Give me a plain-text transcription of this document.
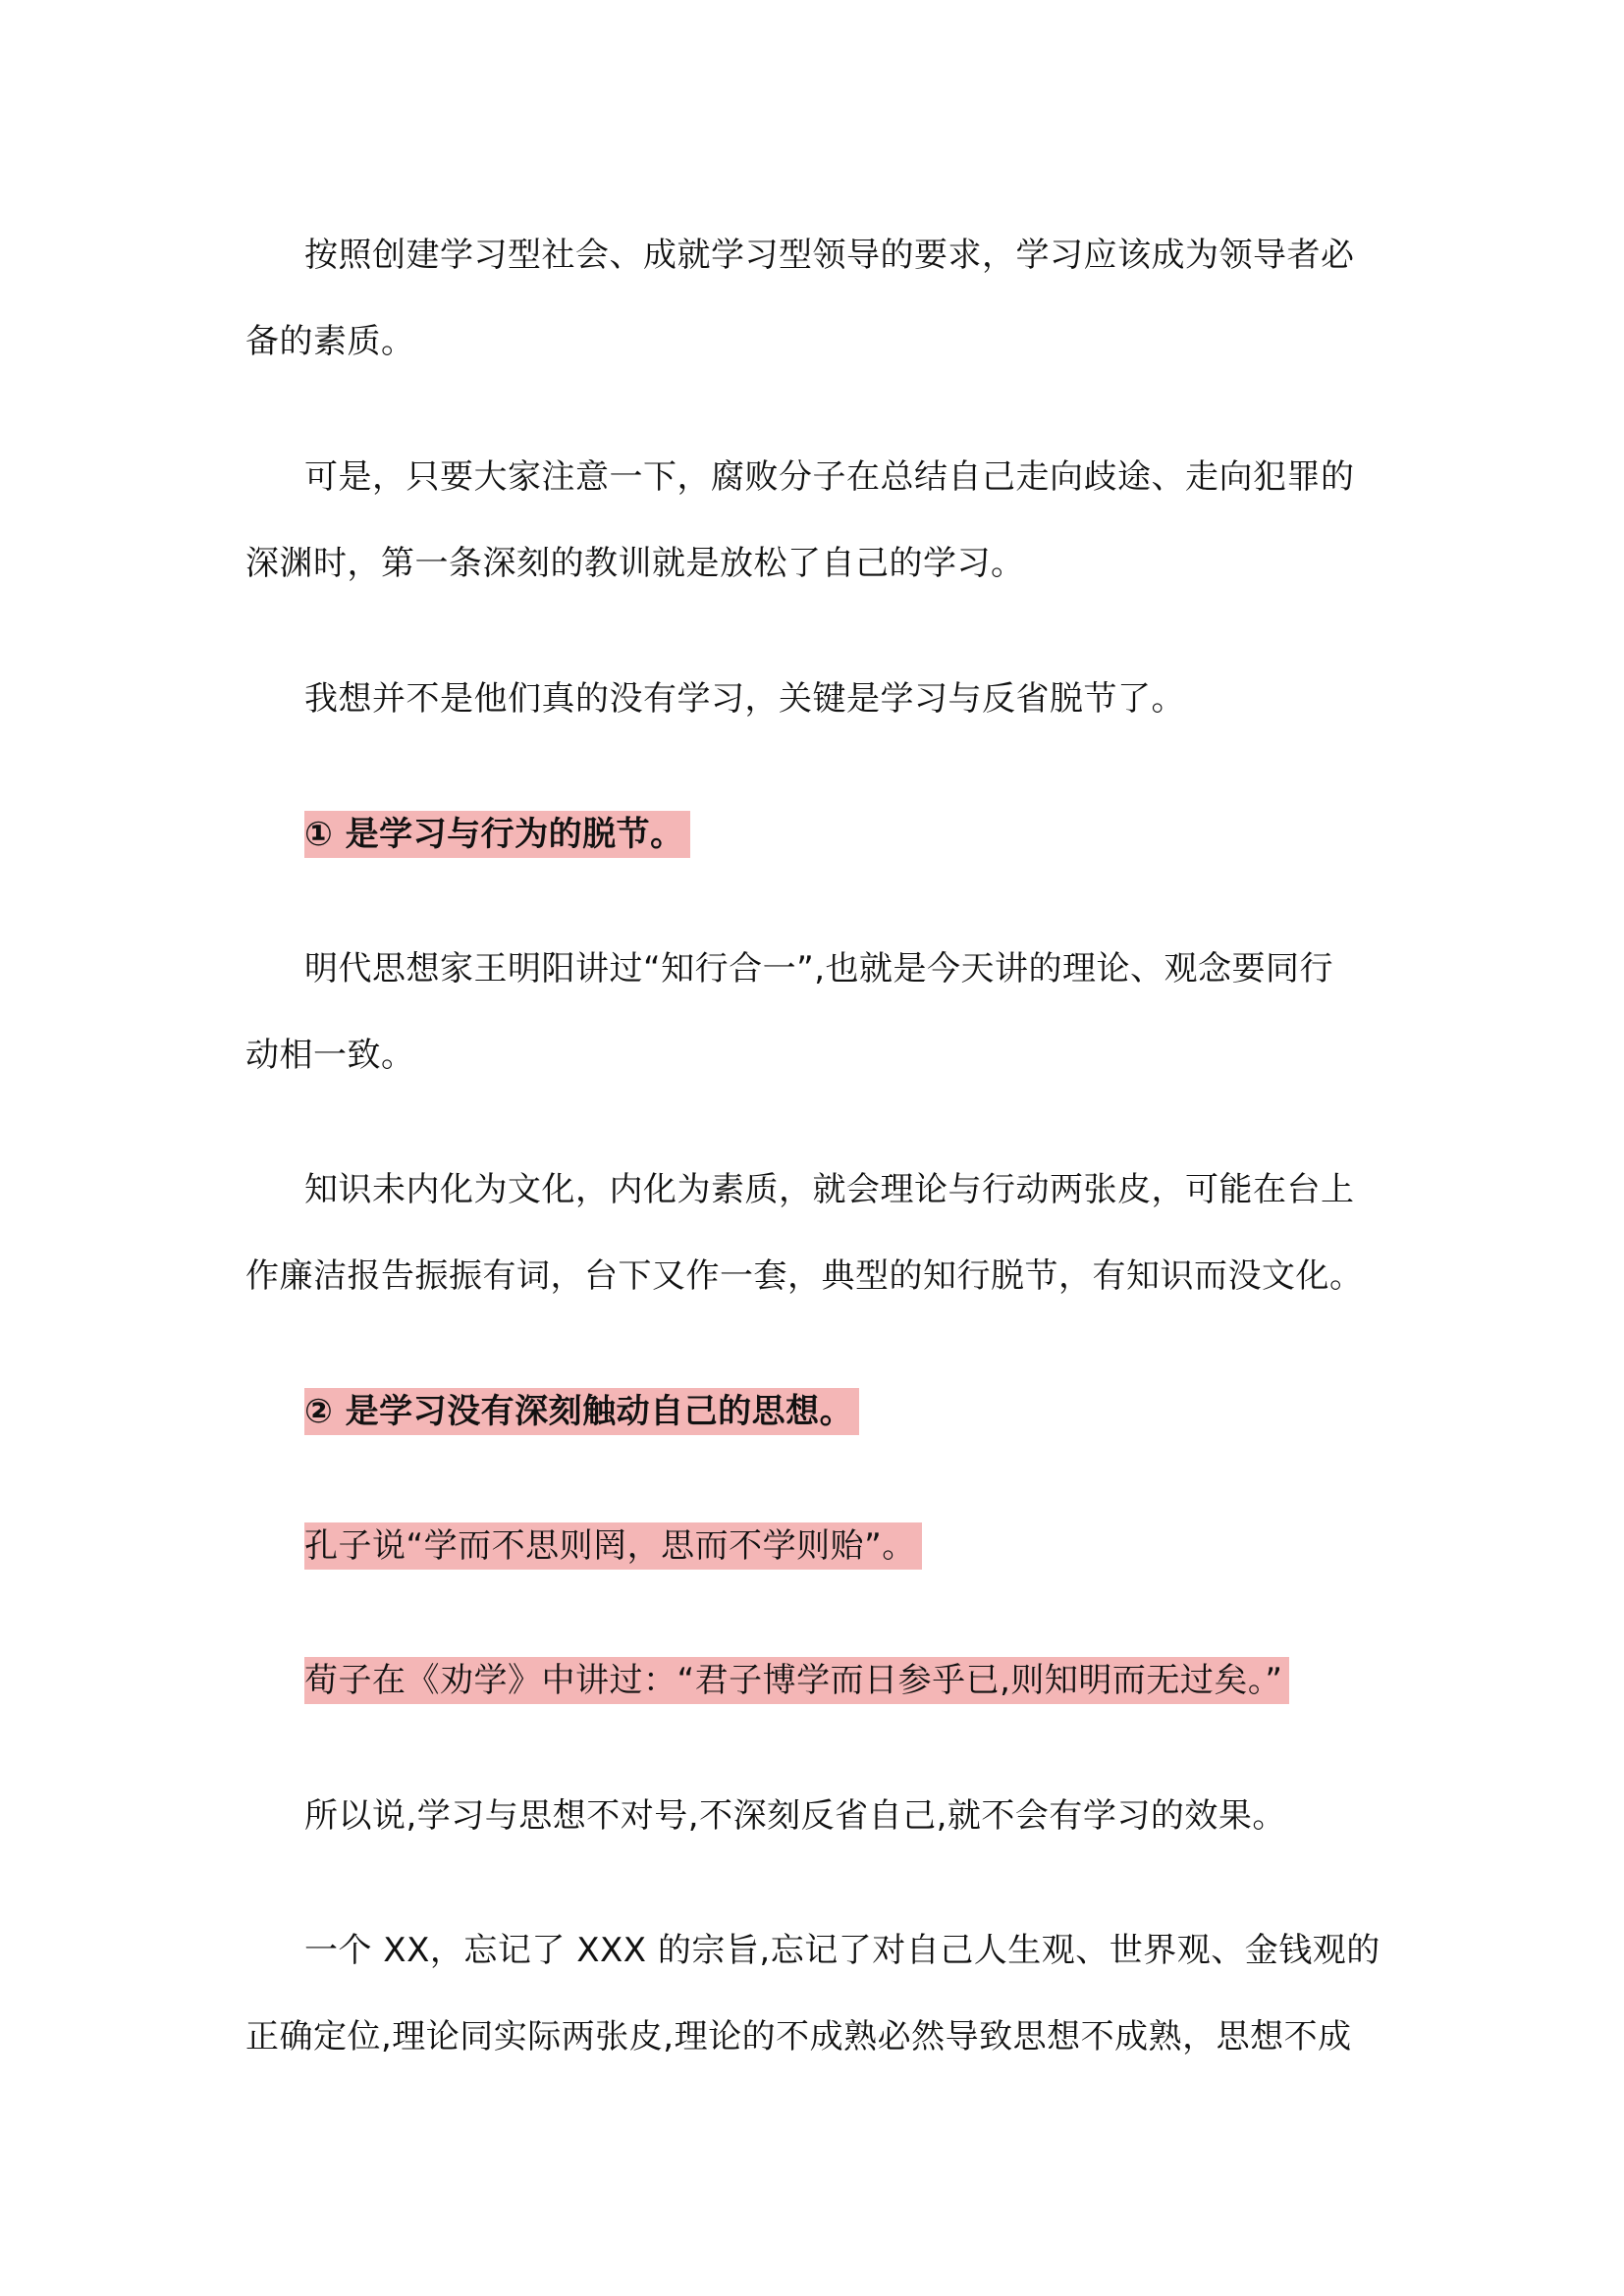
按照创建学习型社会、成就学习型领导的要求，学习应该成为领导者必
备的素质。

可是，只要大家注意一下，腐败分子在总结自己走向歧途、走向犯罪的
深渊时，第一条深刻的教训就是放松了自己的学习。

我想并不是他们真的没有学习，关键是学习与反省脱节了。

① 是学习与行为的脱节。

明代思想家王明阳讲过“知行合一”,也就是今天讲的理论、观念要同行
动相一致。

知识未内化为文化，内化为素质，就会理论与行动两张皮，可能在台上
作廉洁报告振振有词，台下又作一套，典型的知行脱节，有知识而没文化。

② 是学习没有深刻触动自己的思想。

孔子说“学而不思则罔，思而不学则贻”。

荀子在《劝学》中讲过：“君子博学而日参乎已,则知明而无过矣。”

所以说,学习与思想不对号,不深刻反省自己,就不会有学习的效果。

一个 XX，忘记了 XXX 的宗旨,忘记了对自己人生观、世界观、金钱观的
正确定位,理论同实际两张皮,理论的不成熟必然导致思想不成熟，思想不成
